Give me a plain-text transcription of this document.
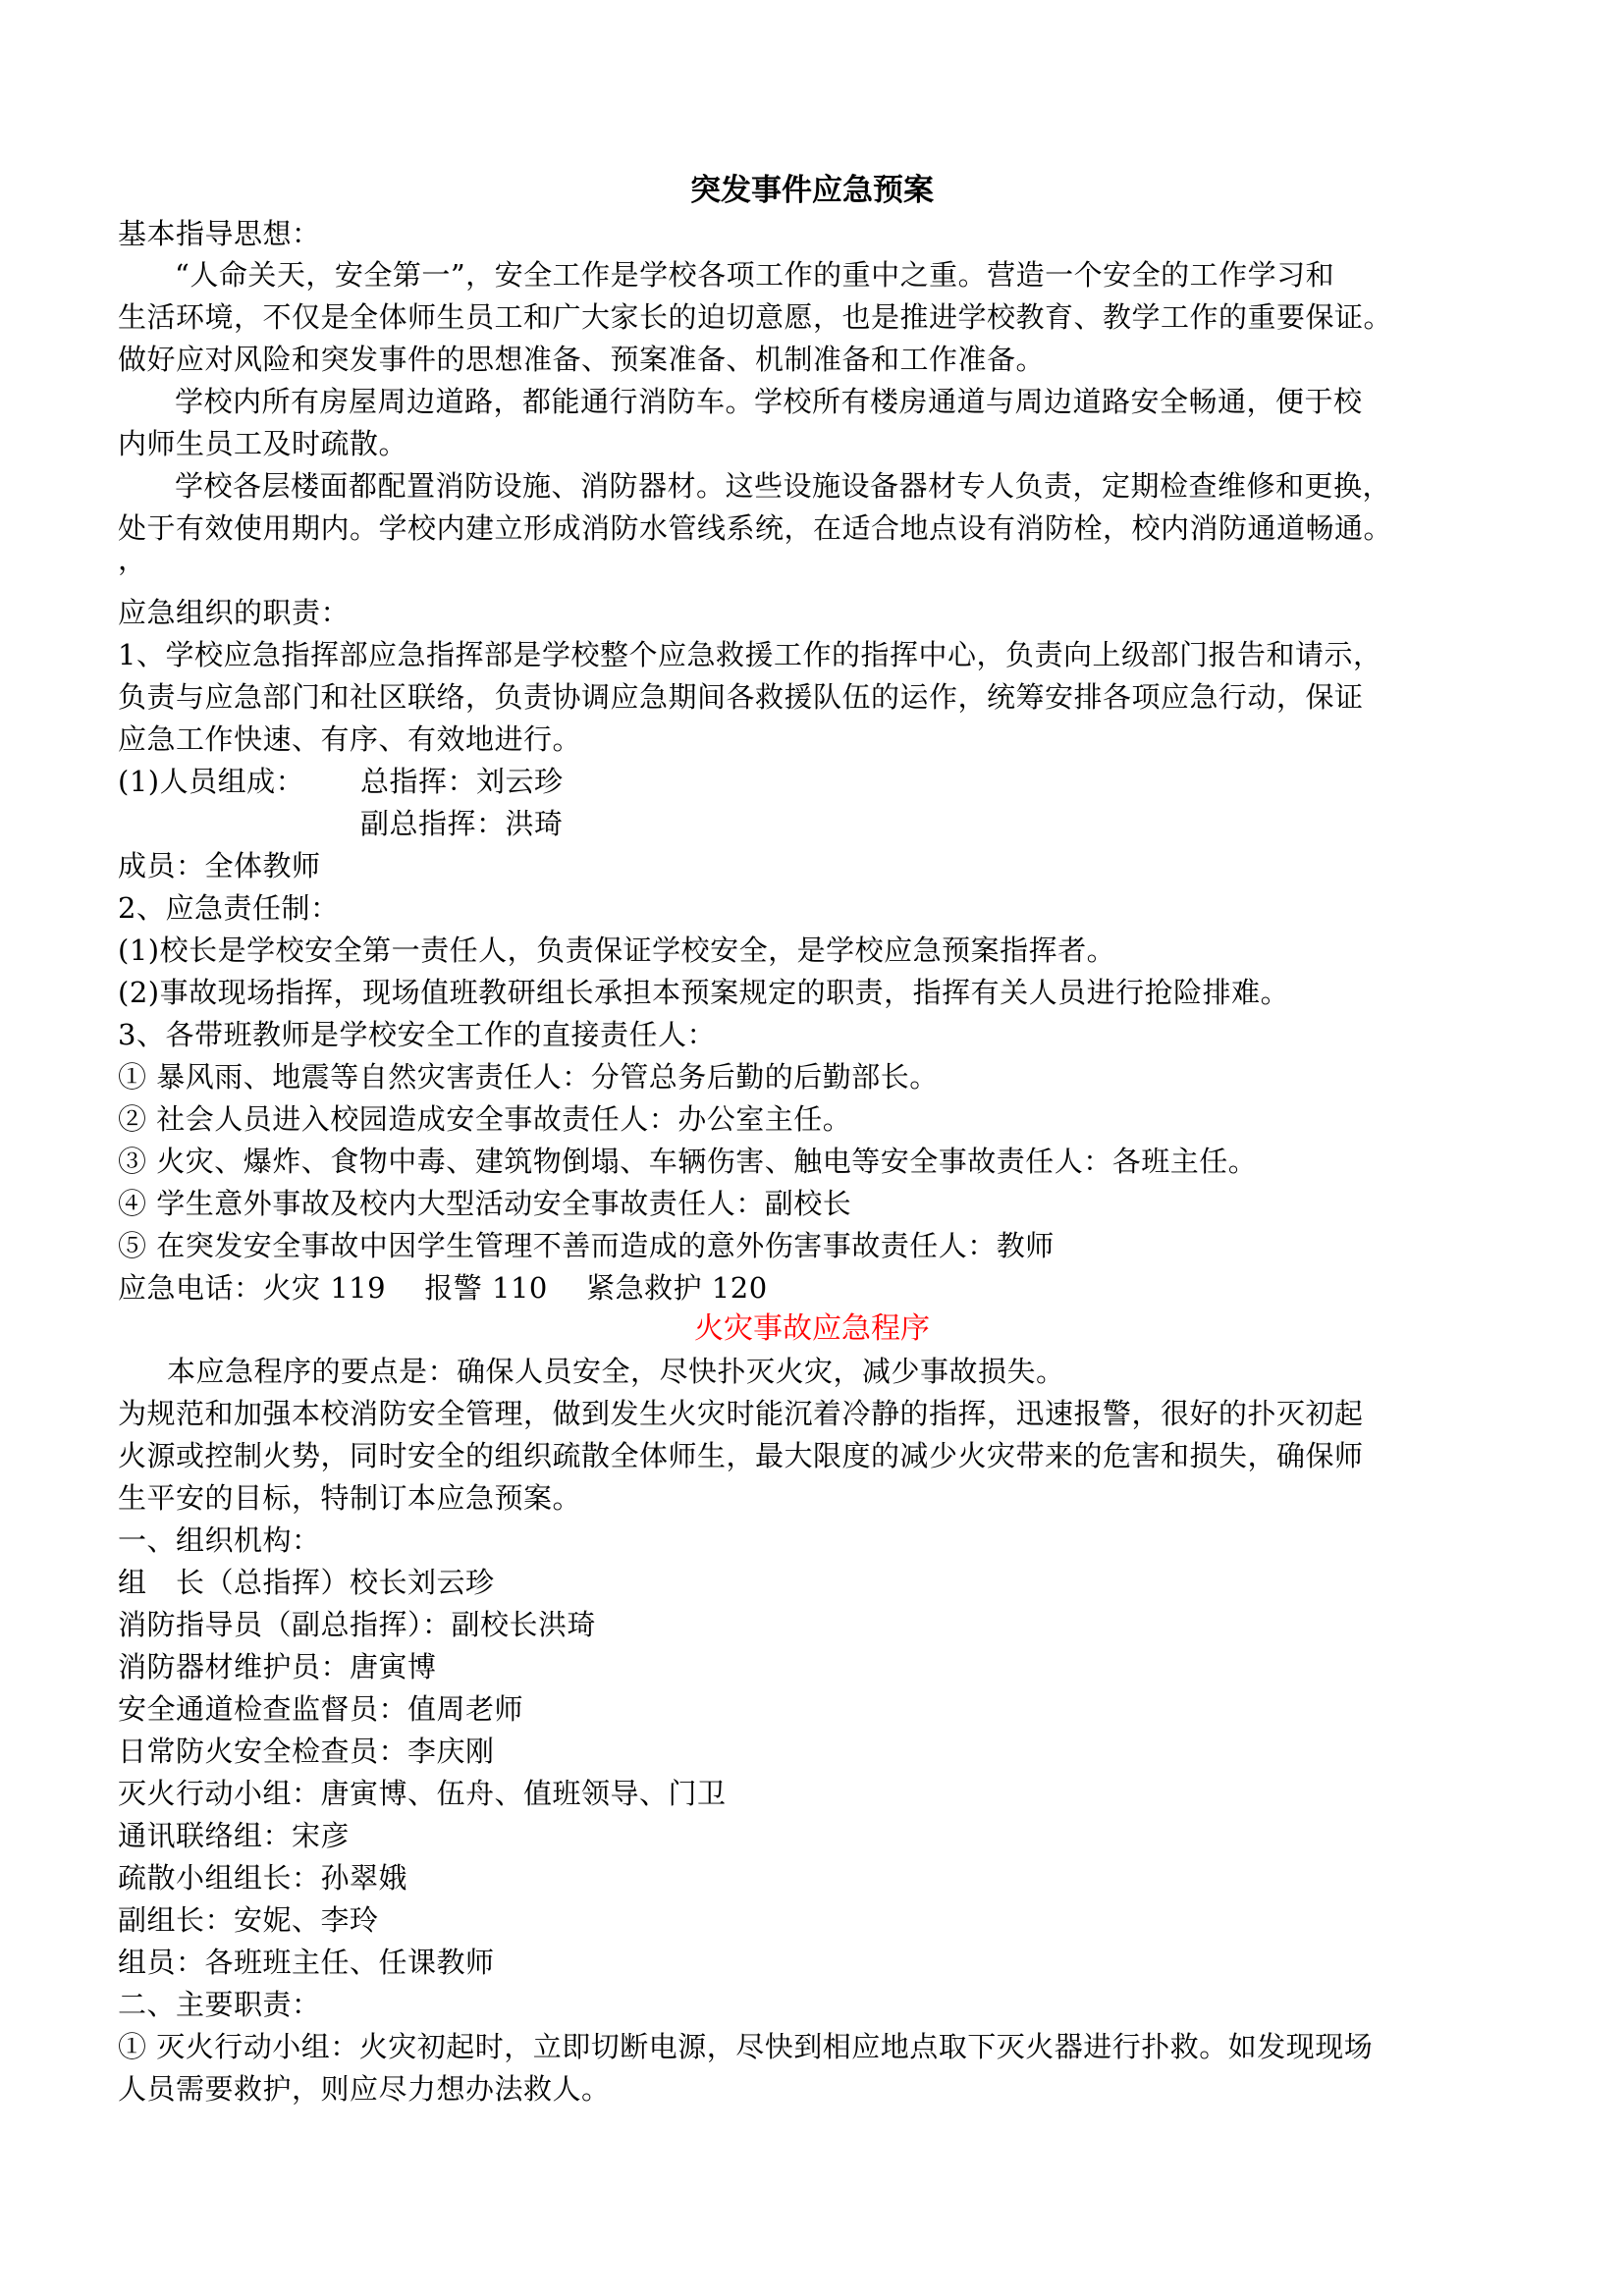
突发事件应急预案
基本指导思想：
“人命关天，安全第一”，安全工作是学校各项工作的重中之重。营造一个安全的工作学习和
生活环境，不仅是全体师生员工和广大家长的迫切意愿，也是推进学校教育、教学工作的重要保证。
做好应对风险和突发事件的思想准备、预案准备、机制准备和工作准备。
学校内所有房屋周边道路，都能通行消防车。学校所有楼房通道与周边道路安全畅通，便于校
内师生员工及时疏散。
学校各层楼面都配置消防设施、消防器材。这些设施设备器材专人负责，定期检查维修和更换，
处于有效使用期内。学校内建立形成消防水管线系统，在适合地点设有消防栓，校内消防通道畅通。
，
应急组织的职责：
1、学校应急指挥部应急指挥部是学校整个应急救援工作的指挥中心，负责向上级部门报告和请示，
负责与应急部门和社区联络，负责协调应急期间各救援队伍的运作，统筹安排各项应急行动，保证
应急工作快速、有序、有效地进行。
(1)人员组成： 总指挥：刘云珍
副总指挥：洪琦
成员：全体教师
2、应急责任制：
(1)校长是学校安全第一责任人，负责保证学校安全，是学校应急预案指挥者。
(2)事故现场指挥，现场值班教研组长承担本预案规定的职责，指挥有关人员进行抢险排难。
3、各带班教师是学校安全工作的直接责任人：
① 暴风雨、地震等自然灾害责任人：分管总务后勤的后勤部长。
② 社会人员进入校园造成安全事故责任人：办公室主任。
③ 火灾、爆炸、食物中毒、建筑物倒塌、车辆伤害、触电等安全事故责任人：各班主任。
④ 学生意外事故及校内大型活动安全事故责任人：副校长
⑤ 在突发安全事故中因学生管理不善而造成的意外伤害事故责任人：教师
应急电话：火灾 119　 报警 110　 紧急救护 120
火灾事故应急程序
本应急程序的要点是：确保人员安全，尽快扑灭火灾，减少事故损失。
为规范和加强本校消防安全管理，做到发生火灾时能沉着冷静的指挥，迅速报警，很好的扑灭初起
火源或控制火势，同时安全的组织疏散全体师生，最大限度的减少火灾带来的危害和损失，确保师
生平安的目标，特制订本应急预案。
一、组织机构：
组　长（总指挥）校长刘云珍
消防指导员（副总指挥）：副校长洪琦
消防器材维护员：唐寅博
安全通道检查监督员：值周老师
日常防火安全检查员：李庆刚
灭火行动小组：唐寅博、伍舟、值班领导、门卫
通讯联络组：宋彦
疏散小组组长：孙翠娥
副组长：安妮、李玲
组员：各班班主任、任课教师
二、主要职责：
① 灭火行动小组：火灾初起时，立即切断电源，尽快到相应地点取下灭火器进行扑救。如发现现场
人员需要救护，则应尽力想办法救人。
